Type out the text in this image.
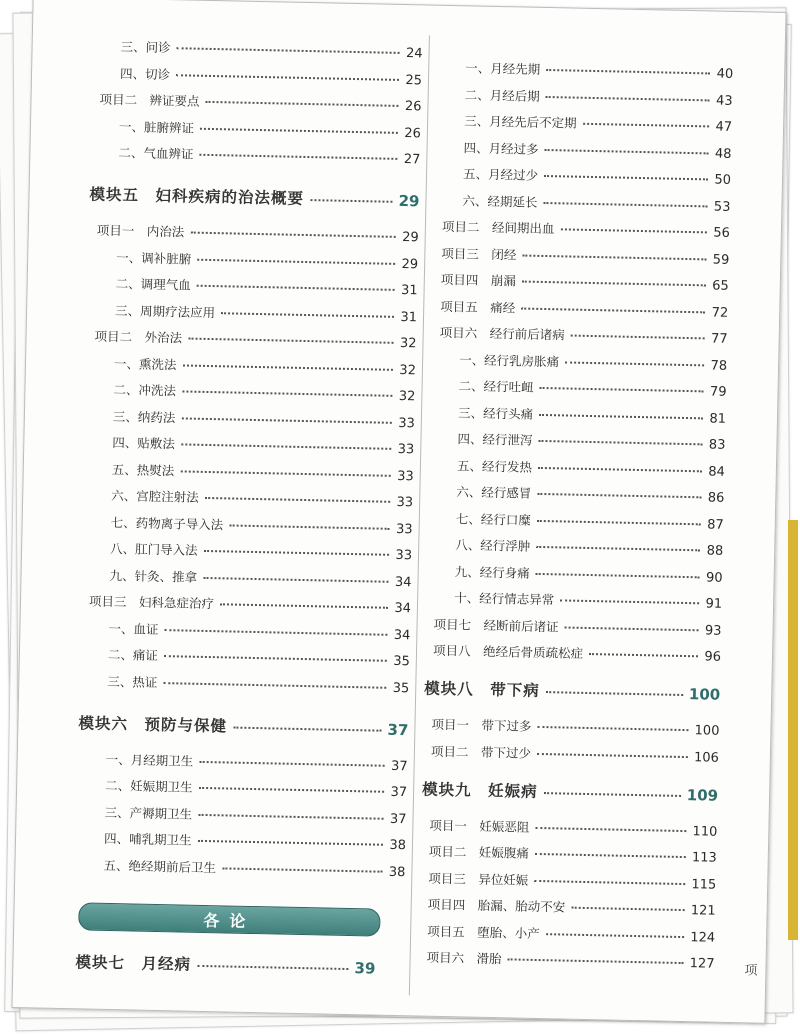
三、问诊	24
四、切诊	25
项目二　辨证要点	26
一、脏腑辨证	26
二、气血辨证	27
模块五　妇科疾病的治法概要	29
项目一　内治法	29
一、调补脏腑	29
二、调理气血	31
三、周期疗法应用	31
项目二　外治法	32
一、熏洗法	32
二、冲洗法	32
三、纳药法	33
四、贴敷法	33
五、热熨法	33
六、宫腔注射法	33
七、药物离子导入法	33
八、肛门导入法	33
九、针灸、推拿	34
项目三　妇科急症治疗	34
一、血证	34
二、痛证	35
三、热证	35
模块六　预防与保健	37
一、月经期卫生	37
二、妊娠期卫生	37
三、产褥期卫生	37
四、哺乳期卫生	38
五、绝经期前后卫生	38
一、月经先期	40
二、月经后期	43
三、月经先后不定期	47
四、月经过多	48
五、月经过少	50
六、经期延长	53
项目二　经间期出血	56
项目三　闭经	59
项目四　崩漏	65
项目五　痛经	72
项目六　经行前后诸病	77
一、经行乳房胀痛	78
二、经行吐衄	79
三、经行头痛	81
四、经行泄泻	83
五、经行发热	84
六、经行感冒	86
七、经行口糜	87
八、经行浮肿	88
九、经行身痛	90
十、经行情志异常	91
项目七　经断前后诸证	93
项目八　绝经后骨质疏松症	96
模块八　带下病	100
项目一　带下过多	100
项目二　带下过少	106
模块九　妊娠病	109
项目一　妊娠恶阻	110
项目二　妊娠腹痛	113
项目三　异位妊娠	115
项目四　胎漏、胎动不安	121
项目五　堕胎、小产	124
项目六　滑胎	127
各论
模块七　月经病	39	项
